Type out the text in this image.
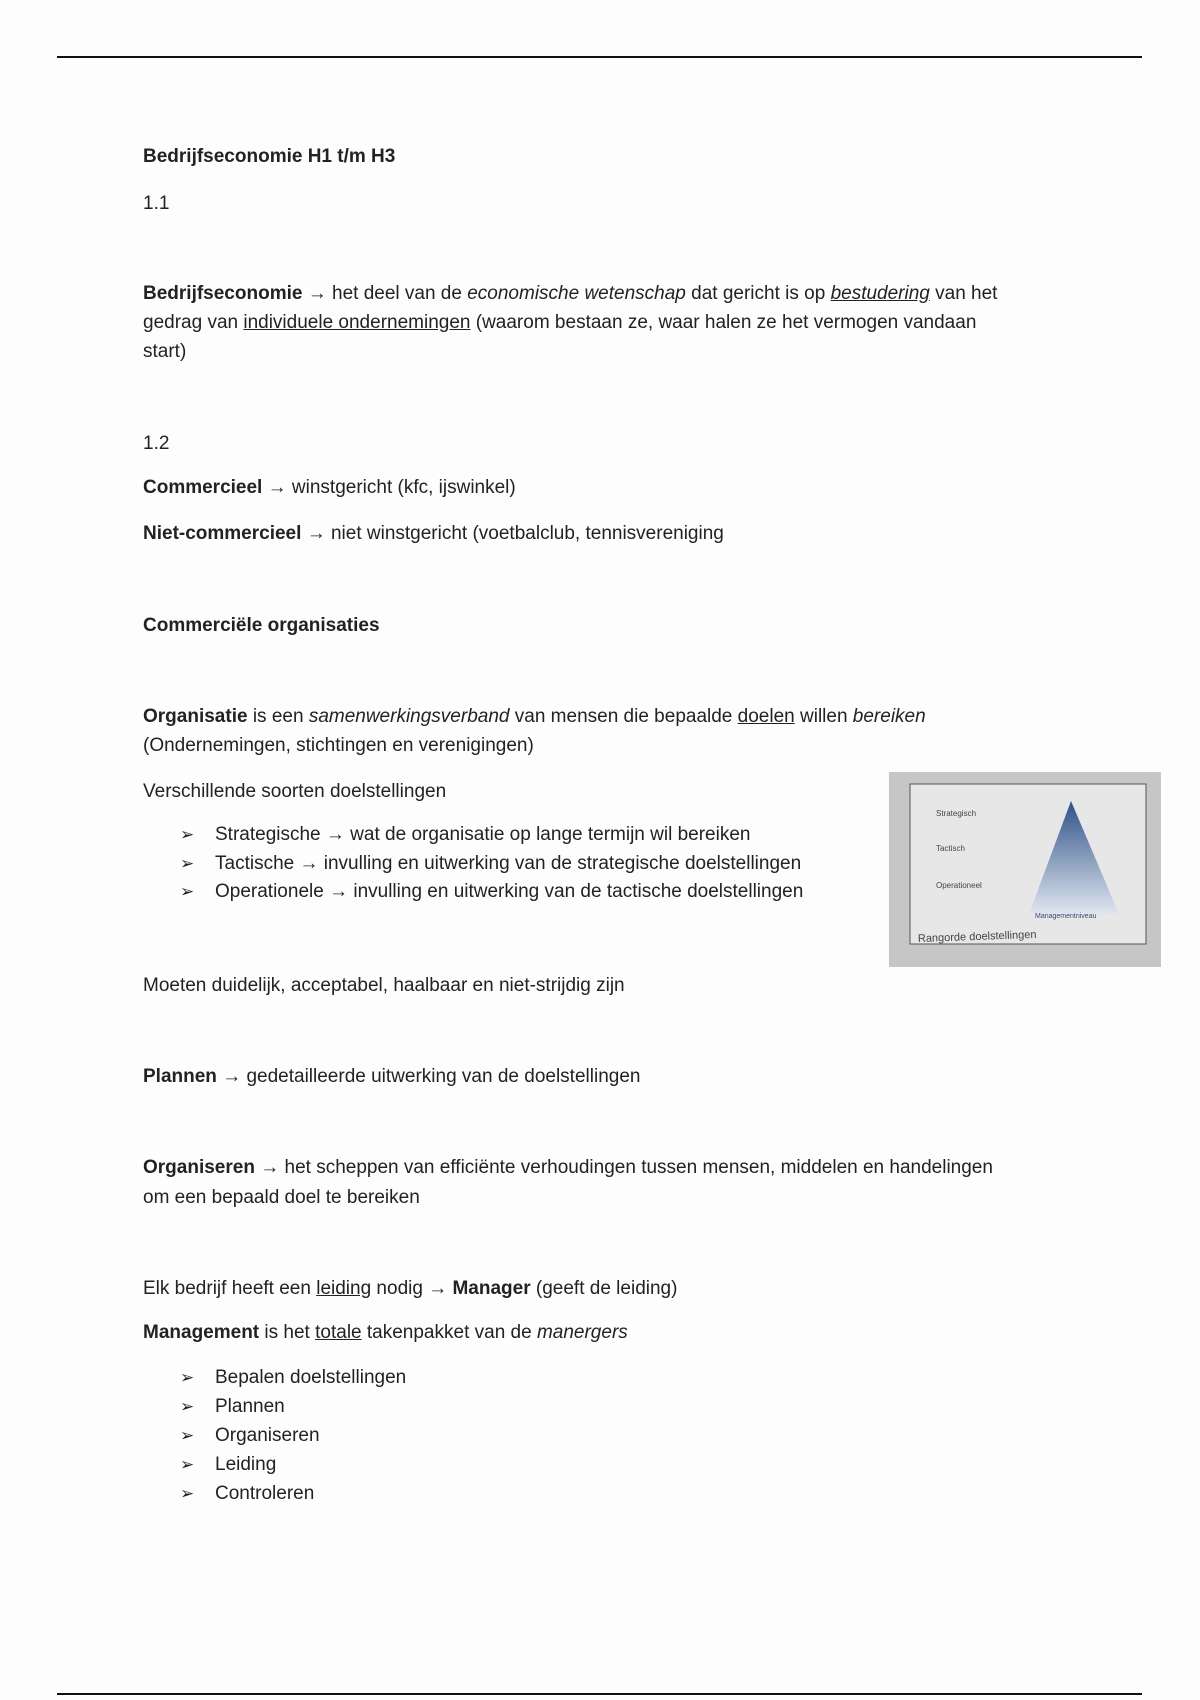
Bedrijfseconomie H1 t/m H3

1.1

Bedrijfseconomie → het deel van de economische wetenschap dat gericht is op bestudering van het

gedrag van individuele ondernemingen (waarom bestaan ze, waar halen ze het vermogen vandaan

start)

1.2

Commercieel → winstgericht (kfc, ijswinkel)

Niet-commercieel → niet winstgericht (voetbalclub, tennisvereniging

Commerciële organisaties

Organisatie is een samenwerkingsverband van mensen die bepaalde doelen willen bereiken

(Ondernemingen, stichtingen en verenigingen)

Verschillende soorten doelstellingen

➢ Strategische → wat de organisatie op lange termijn wil bereiken
➢ Tactische → invulling en uitwerking van de strategische doelstellingen
➢ Operationele → invulling en uitwerking van de tactische doelstellingen
Strategisch
Tactisch
Operationeel
Managementniveau
Rangorde doelstellingen

Moeten duidelijk, acceptabel, haalbaar en niet-strijdig zijn

Plannen → gedetailleerde uitwerking van de doelstellingen

Organiseren → het scheppen van efficiënte verhoudingen tussen mensen, middelen en handelingen

om een bepaald doel te bereiken

Elk bedrijf heeft een leiding nodig → Manager (geeft de leiding)

Management is het totale takenpakket van de manergers

➢ Bepalen doelstellingen
➢ Plannen
➢ Organiseren
➢ Leiding
➢ Controleren
